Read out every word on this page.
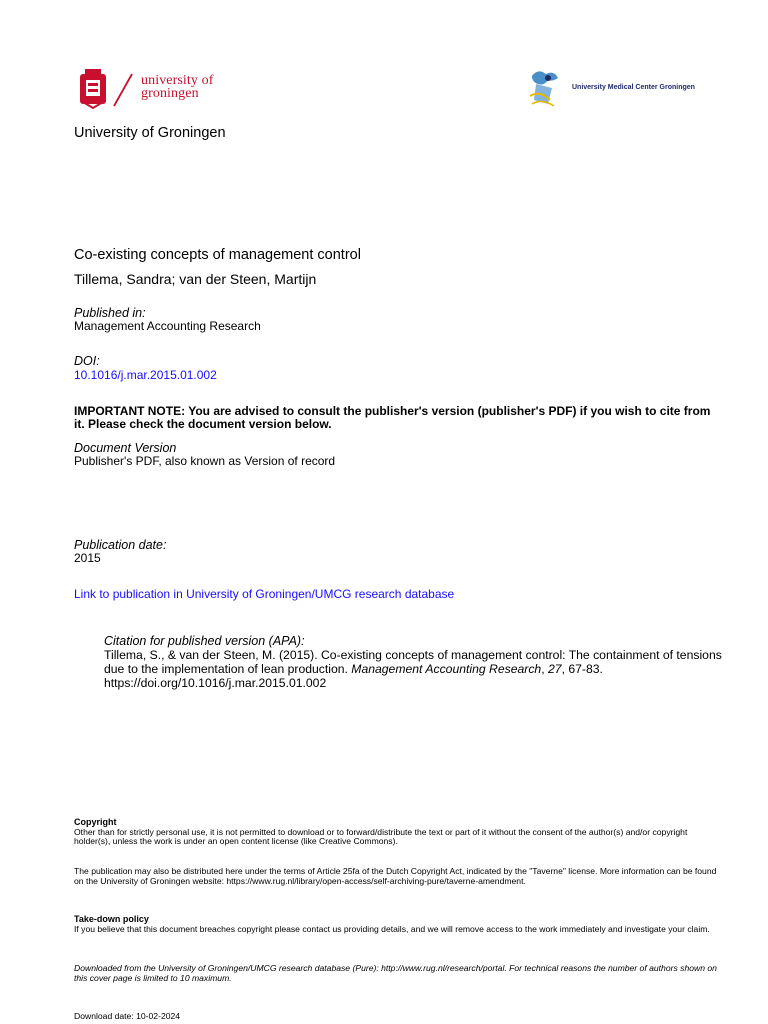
university of
groningen	University Medical Center Groningen
University of Groningen
Co-existing concepts of management control
Tillema, Sandra; van der Steen, Martijn
Published in:
Management Accounting Research
DOI:
10.1016/j.mar.2015.01.002
IMPORTANT NOTE: You are advised to consult the publisher's version (publisher's PDF) if you wish to cite from it. Please check the document version below.
Document Version
Publisher's PDF, also known as Version of record
Publication date:
2015
Link to publication in University of Groningen/UMCG research database
Citation for published version (APA):
Tillema, S., & van der Steen, M. (2015). Co-existing concepts of management control: The containment of tensions due to the implementation of lean production. Management Accounting Research, 27, 67-83.
https://doi.org/10.1016/j.mar.2015.01.002
Copyright
Other than for strictly personal use, it is not permitted to download or to forward/distribute the text or part of it without the consent of the author(s) and/or copyright holder(s), unless the work is under an open content license (like Creative Commons).
The publication may also be distributed here under the terms of Article 25fa of the Dutch Copyright Act, indicated by the "Taverne" license. More information can be found on the University of Groningen website: https://www.rug.nl/library/open-access/self-archiving-pure/taverne-amendment.
Take-down policy
If you believe that this document breaches copyright please contact us providing details, and we will remove access to the work immediately and investigate your claim.
Downloaded from the University of Groningen/UMCG research database (Pure): http://www.rug.nl/research/portal. For technical reasons the number of authors shown on this cover page is limited to 10 maximum.
Download date: 10-02-2024
